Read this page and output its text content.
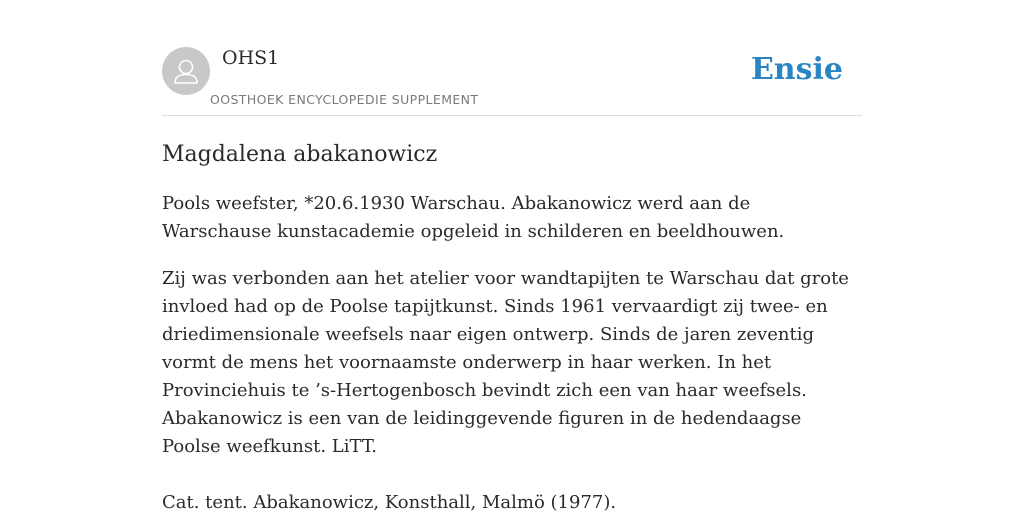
OHS1
OOSTHOEK ENCYCLOPEDIE SUPPLEMENT
Ensie
Magdalena abakanowicz

Pools weefster, *20.6.1930 Warschau. Abakanowicz werd aan de Warschause kunstacademie opgeleid in schilderen en beeldhouwen.

Zij was verbonden aan het atelier voor wandtapijten te Warschau dat grote invloed had op de Poolse tapijtkunst. Sinds 1961 vervaardigt zij twee- en driedimensionale weefsels naar eigen ontwerp. Sinds de jaren zeventig vormt de mens het voornaamste onderwerp in haar werken. In het Provinciehuis te ’s-Hertogenbosch bevindt zich een van haar weefsels. Abakanowicz is een van de leidinggevende figuren in de hedendaagse Poolse weefkunst. LiTT.

Cat. tent. Abakanowicz, Konsthall, Malmö (1977).
